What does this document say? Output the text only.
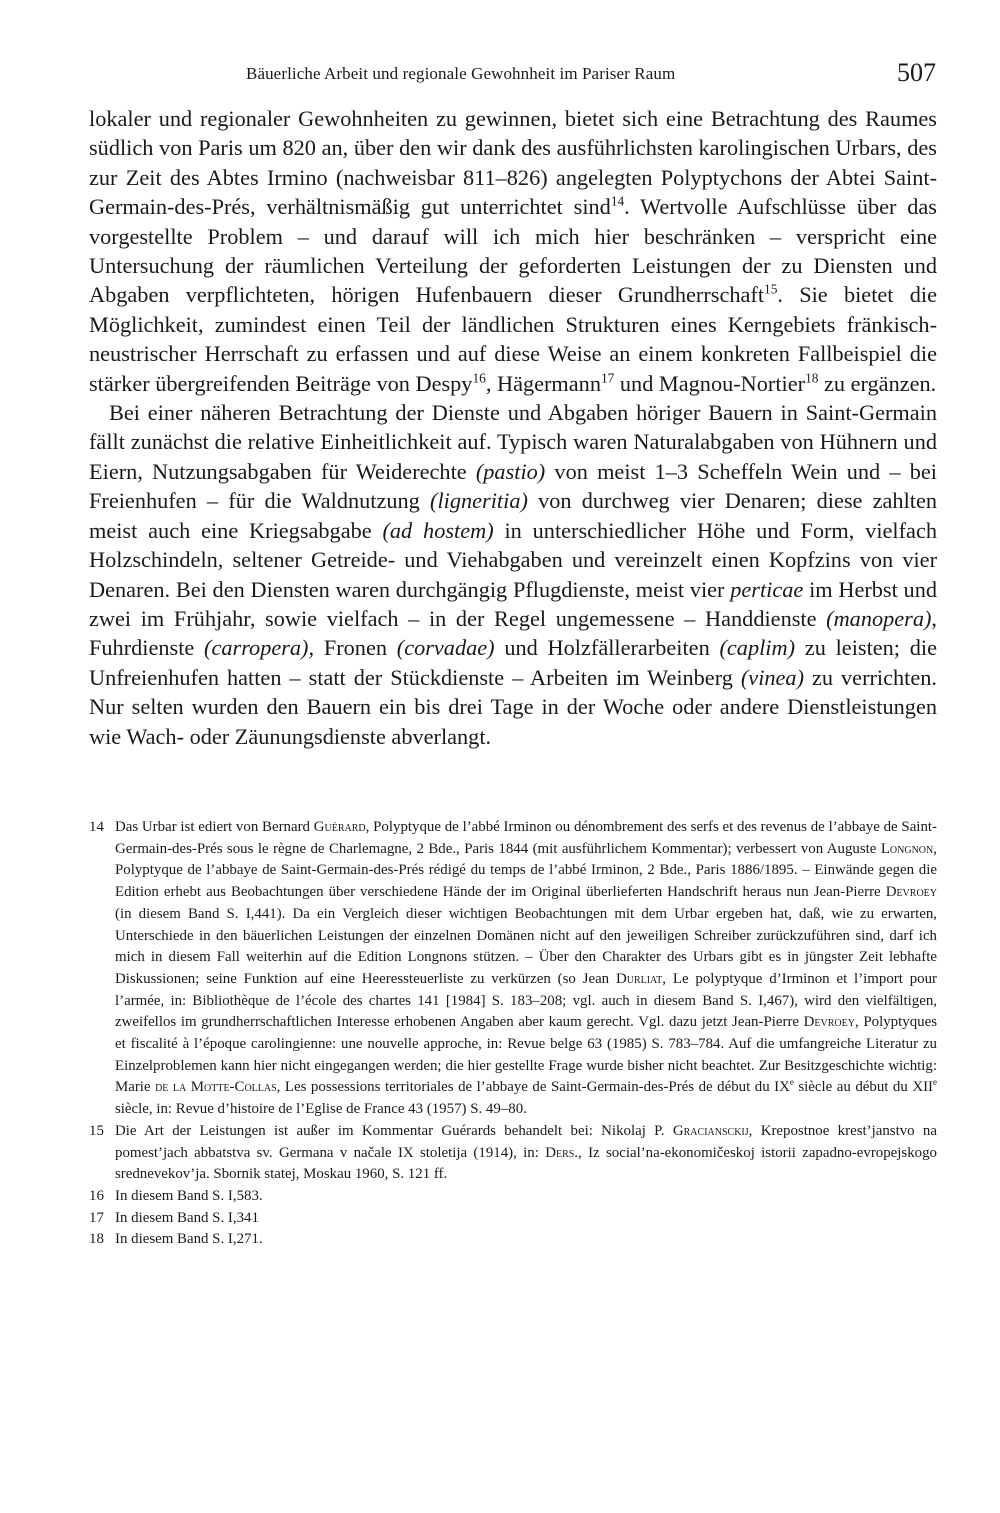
Bäuerliche Arbeit und regionale Gewohnheit im Pariser Raum	507

lokaler und regionaler Gewohnheiten zu gewinnen, bietet sich eine Betrachtung des Raumes südlich von Paris um 820 an, über den wir dank des ausführlichsten karolingischen Urbars, des zur Zeit des Abtes Irmino (nachweisbar 811–826) angelegten Polyptychons der Abtei Saint-Germain-des-Prés, verhältnismäßig gut unterrichtet sind$^{14}$. Wertvolle Aufschlüsse über das vorgestellte Problem – und darauf will ich mich hier beschränken – verspricht eine Untersuchung der räumlichen Verteilung der geforderten Leistungen der zu Diensten und Abgaben verpflichteten, hörigen Hufenbauern dieser Grundherrschaft$^{15}$. Sie bietet die Möglichkeit, zumindest einen Teil der ländlichen Strukturen eines Kerngebiets fränkisch-neustrischer Herrschaft zu erfassen und auf diese Weise an einem konkreten Fallbeispiel die stärker übergreifenden Beiträge von Despy$^{16}$, Hägermann$^{17}$ und Magnou-Nortier$^{18}$ zu ergänzen.

Bei einer näheren Betrachtung der Dienste und Abgaben höriger Bauern in Saint-Germain fällt zunächst die relative Einheitlichkeit auf. Typisch waren Naturalabgaben von Hühnern und Eiern, Nutzungsabgaben für Weiderechte (pastio) von meist 1–3 Scheffeln Wein und – bei Freienhufen – für die Waldnutzung (ligneritia) von durchweg vier Denaren; diese zahlten meist auch eine Kriegsabgabe (ad hostem) in unterschiedlicher Höhe und Form, vielfach Holzschindeln, seltener Getreide- und Viehabgaben und vereinzelt einen Kopfzins von vier Denaren. Bei den Diensten waren durchgängig Pflugdienste, meist vier perticae im Herbst und zwei im Frühjahr, sowie vielfach – in der Regel ungemessene – Handdienste (manopera), Fuhrdienste (carropera), Fronen (corvadae) und Holzfällerarbeiten (caplim) zu leisten; die Unfreienhufen hatten – statt der Stückdienste – Arbeiten im Weinberg (vinea) zu verrichten. Nur selten wurden den Bauern ein bis drei Tage in der Woche oder andere Dienstleistungen wie Wach- oder Zäunungsdienste abverlangt.

14 Das Urbar ist ediert von Bernard Guérard, Polyptyque de l’abbé Irminon ou dénombrement des serfs et des revenus de l’abbaye de Saint-Germain-des-Prés sous le règne de Charlemagne, 2 Bde., Paris 1844 (mit ausführlichem Kommentar); verbessert von Auguste Longnon, Polyptyque de l’abbaye de Saint-Germain-des-Prés rédigé du temps de l’abbé Irminon, 2 Bde., Paris 1886/1895. – Einwände gegen die Edition erhebt aus Beobachtungen über verschiedene Hände der im Original überlieferten Handschrift heraus nun Jean-Pierre Devroey (in diesem Band S. I,441). Da ein Vergleich dieser wichtigen Beobachtungen mit dem Urbar ergeben hat, daß, wie zu erwarten, Unterschiede in den bäuerlichen Leistungen der einzelnen Domänen nicht auf den jeweiligen Schreiber zurückzuführen sind, darf ich mich in diesem Fall weiterhin auf die Edition Longnons stützen. – Über den Charakter des Urbars gibt es in jüngster Zeit lebhafte Diskussionen; seine Funktion auf eine Heeressteuerliste zu verkürzen (so Jean Durliat, Le polyptyque d’Irminon et l’import pour l’armée, in: Bibliothèque de l’école des chartes 141 [1984] S. 183–208; vgl. auch in diesem Band S. I,467), wird den vielfältigen, zweifellos im grundherrschaftlichen Interesse erhobenen Angaben aber kaum gerecht. Vgl. dazu jetzt Jean-Pierre Devroey, Polyptyques et fiscalité à l’époque carolingienne: une nouvelle approche, in: Revue belge 63 (1985) S. 783–784. Auf die umfangreiche Literatur zu Einzelproblemen kann hier nicht eingegangen werden; die hier gestellte Frage wurde bisher nicht beachtet. Zur Besitzgeschichte wichtig: Marie de la Motte-Collas, Les possessions territoriales de l’abbaye de Saint-Germain-des-Prés de début du IXe siècle au début du XIIe siècle, in: Revue d’histoire de l’Eglise de France 43 (1957) S. 49–80.

15 Die Art der Leistungen ist außer im Kommentar Guérards behandelt bei: Nikolaj P. Graciansckij, Krepostnoe krest’janstvo na pomest’jach abbatstva sv. Germana v načale IX stoletija (1914), in: Ders., Iz social’na-ekonomičeskoj istorii zapadno-evropejskogo srednevekov’ja. Sbornik statej, Moskau 1960, S. 121 ff.

16 In diesem Band S. I,583.

17 In diesem Band S. I,341

18 In diesem Band S. I,271.
